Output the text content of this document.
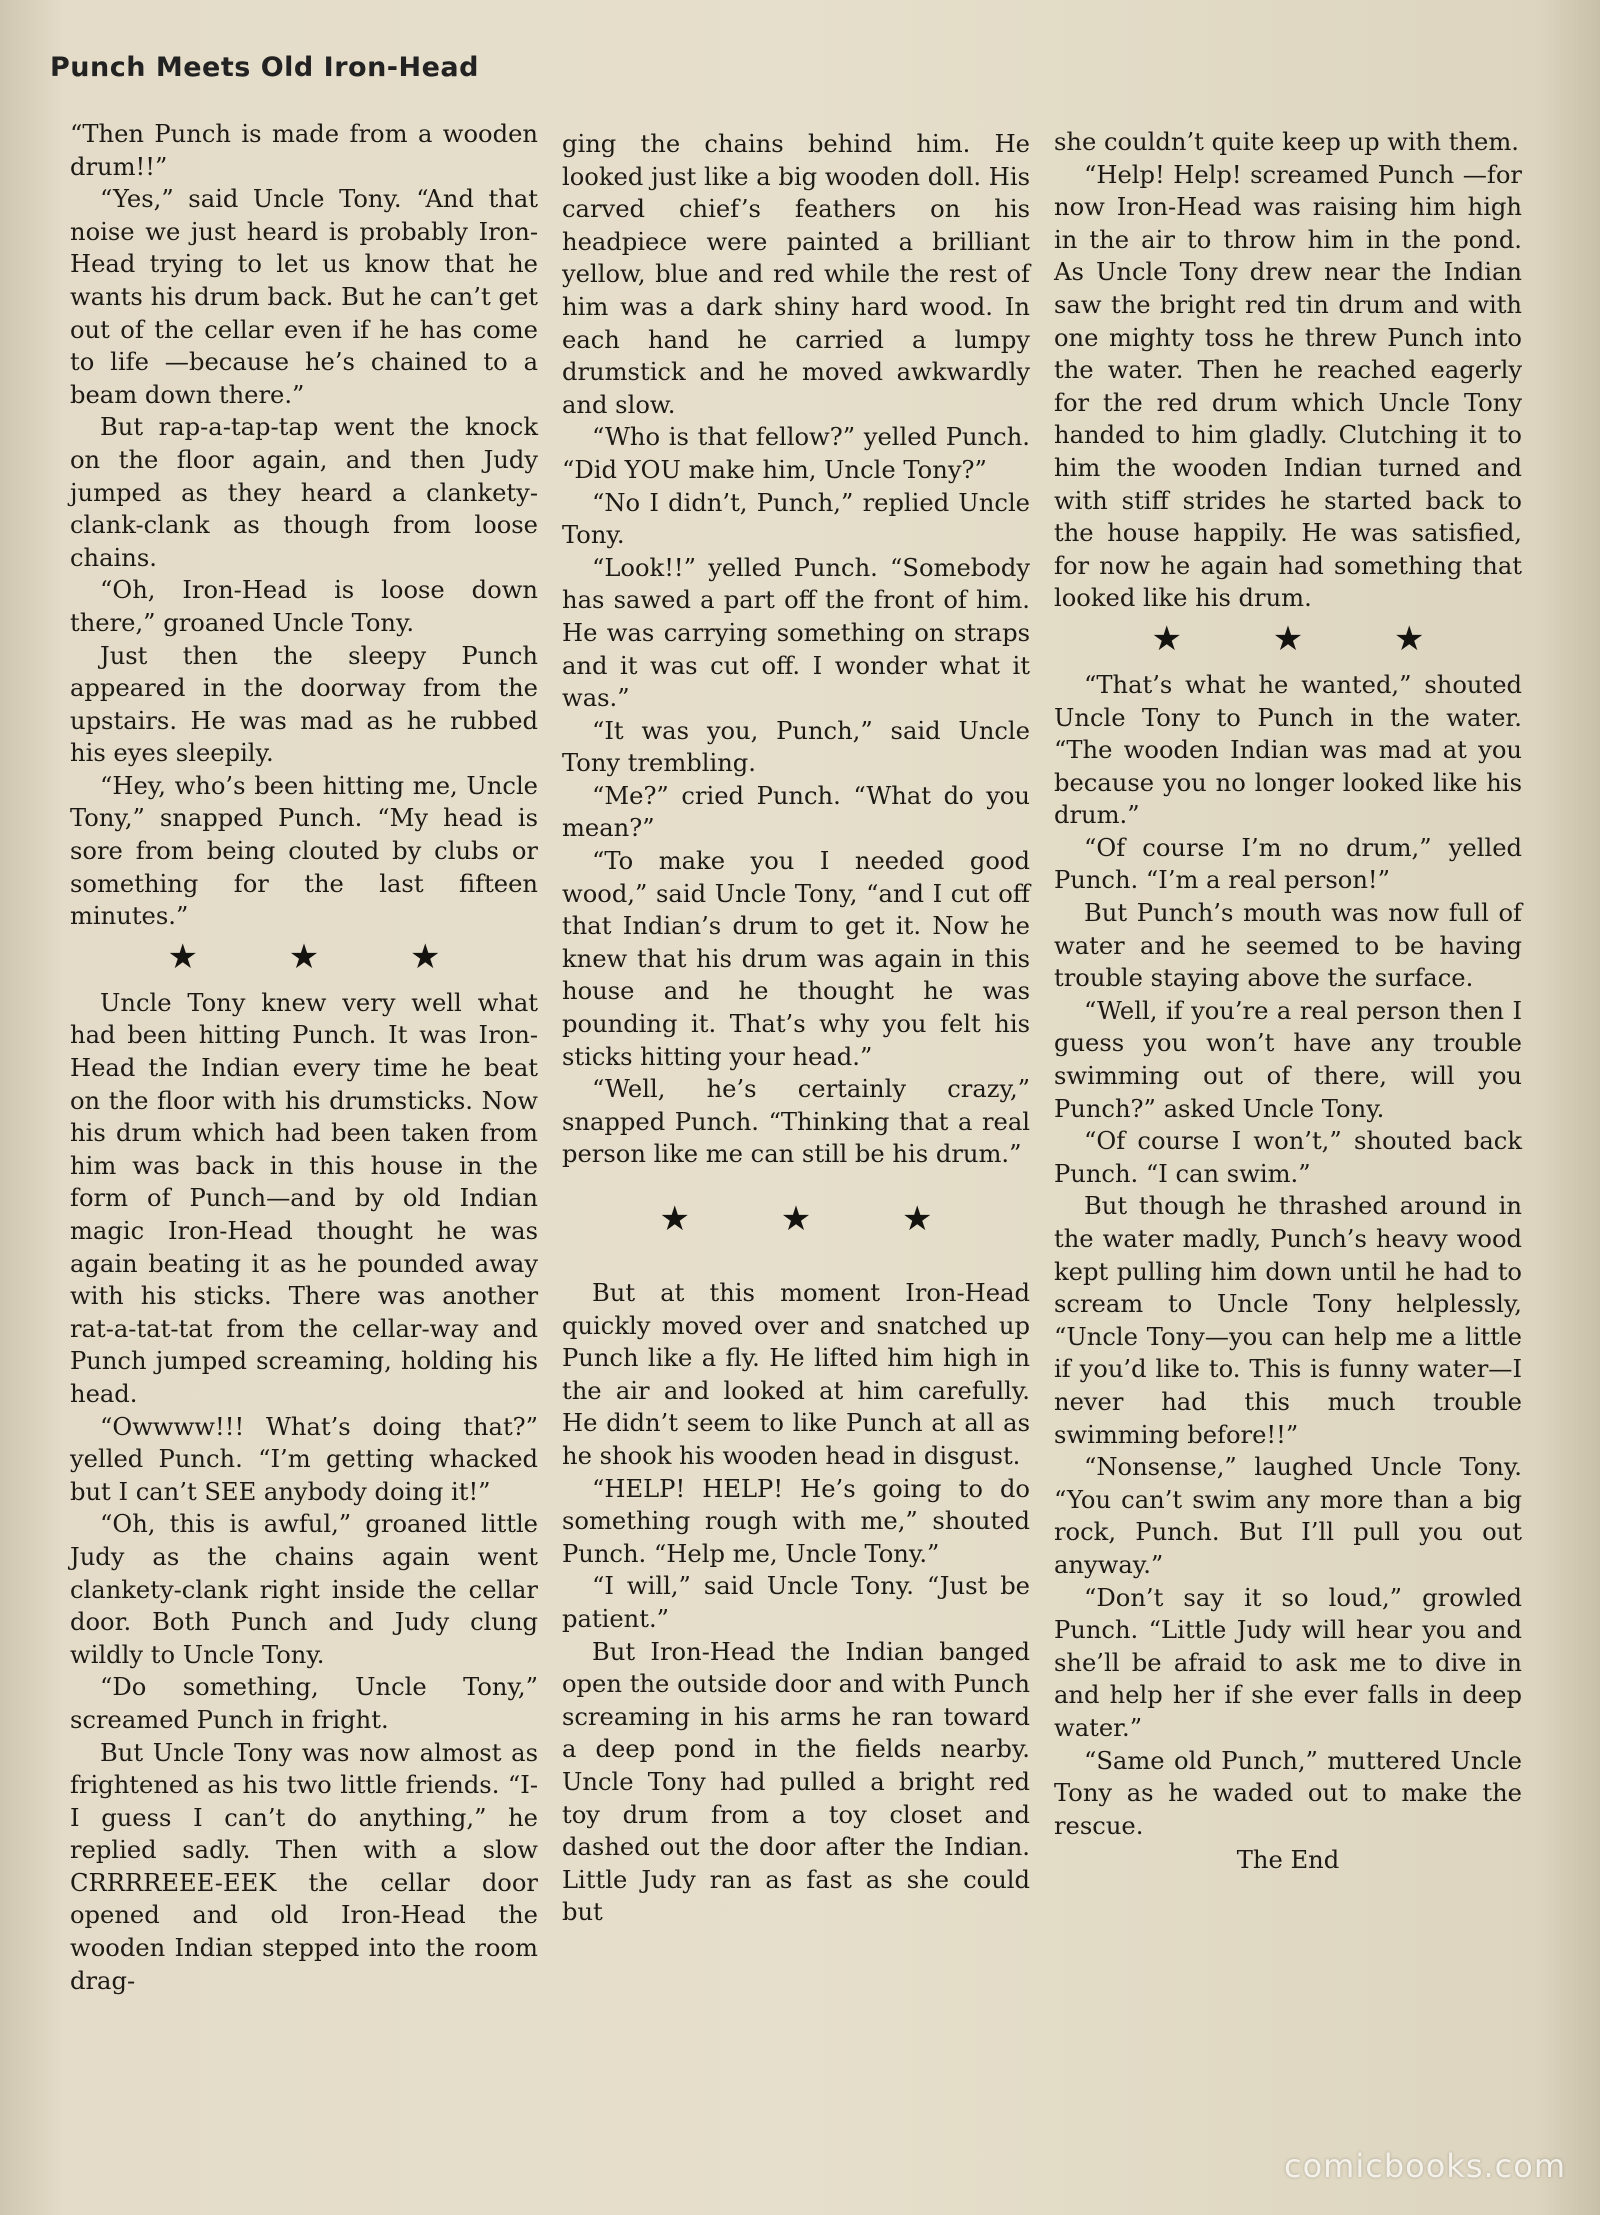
Punch Meets Old Iron-Head

“Then Punch is made from a wooden drum!!”

“Yes,” said Uncle Tony. “And that noise we just heard is probably Iron-Head trying to let us know that he wants his drum back. But he can’t get out of the cellar even if he has come to life —because he’s chained to a beam down there.”

But rap-a-tap-tap went the knock on the floor again, and then Judy jumped as they heard a clankety-clank-clank as though from loose chains.

“Oh, Iron-Head is loose down there,” groaned Uncle Tony.

Just then the sleepy Punch appeared in the doorway from the upstairs. He was mad as he rubbed his eyes sleepily.

“Hey, who’s been hitting me, Uncle Tony,” snapped Punch. “My head is sore from being clouted by clubs or something for the last fifteen minutes.”

★ ★ ★

Uncle Tony knew very well what had been hitting Punch. It was Iron-Head the Indian every time he beat on the floor with his drumsticks. Now his drum which had been taken from him was back in this house in the form of Punch—and by old Indian magic Iron-Head thought he was again beating it as he pounded away with his sticks. There was another rat-a-tat-tat from the cellar-way and Punch jumped screaming, holding his head.

“Owwww!!! What’s doing that?” yelled Punch. “I’m getting whacked but I can’t SEE anybody doing it!”

“Oh, this is awful,” groaned little Judy as the chains again went clankety-clank right inside the cellar door. Both Punch and Judy clung wildly to Uncle Tony.

“Do something, Uncle Tony,” screamed Punch in fright.

But Uncle Tony was now almost as frightened as his two little friends. “I-I guess I can’t do anything,” he replied sadly. Then with a slow CRRRREEE-EEK the cellar door opened and old Iron-Head the wooden Indian stepped into the room drag-

ging the chains behind him. He looked just like a big wooden doll. His carved chief’s feathers on his headpiece were painted a brilliant yellow, blue and red while the rest of him was a dark shiny hard wood. In each hand he carried a lumpy drumstick and he moved awkwardly and slow.

“Who is that fellow?” yelled Punch. “Did YOU make him, Uncle Tony?”

“No I didn’t, Punch,” replied Uncle Tony.

“Look!!” yelled Punch. “Somebody has sawed a part off the front of him. He was carrying something on straps and it was cut off. I wonder what it was.”

“It was you, Punch,” said Uncle Tony trembling.

“Me?” cried Punch. “What do you mean?”

“To make you I needed good wood,” said Uncle Tony, “and I cut off that Indian’s drum to get it. Now he knew that his drum was again in this house and he thought he was pounding it. That’s why you felt his sticks hitting your head.”

“Well, he’s certainly crazy,” snapped Punch. “Thinking that a real person like me can still be his drum.”

★ ★ ★

But at this moment Iron-Head quickly moved over and snatched up Punch like a fly. He lifted him high in the air and looked at him carefully. He didn’t seem to like Punch at all as he shook his wooden head in disgust.

“HELP! HELP! He’s going to do something rough with me,” shouted Punch. “Help me, Uncle Tony.”

“I will,” said Uncle Tony. “Just be patient.”

But Iron-Head the Indian banged open the outside door and with Punch screaming in his arms he ran toward a deep pond in the fields nearby. Uncle Tony had pulled a bright red toy drum from a toy closet and dashed out the door after the Indian. Little Judy ran as fast as she could but

she couldn’t quite keep up with them.

“Help! Help! screamed Punch —for now Iron-Head was raising him high in the air to throw him in the pond. As Uncle Tony drew near the Indian saw the bright red tin drum and with one mighty toss he threw Punch into the water. Then he reached eagerly for the red drum which Uncle Tony handed to him gladly. Clutching it to him the wooden Indian turned and with stiff strides he started back to the house happily. He was satisfied, for now he again had something that looked like his drum.

★ ★ ★

“That’s what he wanted,” shouted Uncle Tony to Punch in the water. “The wooden Indian was mad at you because you no longer looked like his drum.”

“Of course I’m no drum,” yelled Punch. “I’m a real person!”

But Punch’s mouth was now full of water and he seemed to be having trouble staying above the surface.

“Well, if you’re a real person then I guess you won’t have any trouble swimming out of there, will you Punch?” asked Uncle Tony.

“Of course I won’t,” shouted back Punch. “I can swim.”

But though he thrashed around in the water madly, Punch’s heavy wood kept pulling him down until he had to scream to Uncle Tony helplessly, “Uncle Tony—you can help me a little if you’d like to. This is funny water—I never had this much trouble swimming before!!”

“Nonsense,” laughed Uncle Tony. “You can’t swim any more than a big rock, Punch. But I’ll pull you out anyway.”

“Don’t say it so loud,” growled Punch. “Little Judy will hear you and she’ll be afraid to ask me to dive in and help her if she ever falls in deep water.”

“Same old Punch,” muttered Uncle Tony as he waded out to make the rescue.

The End
comicbooks.com
